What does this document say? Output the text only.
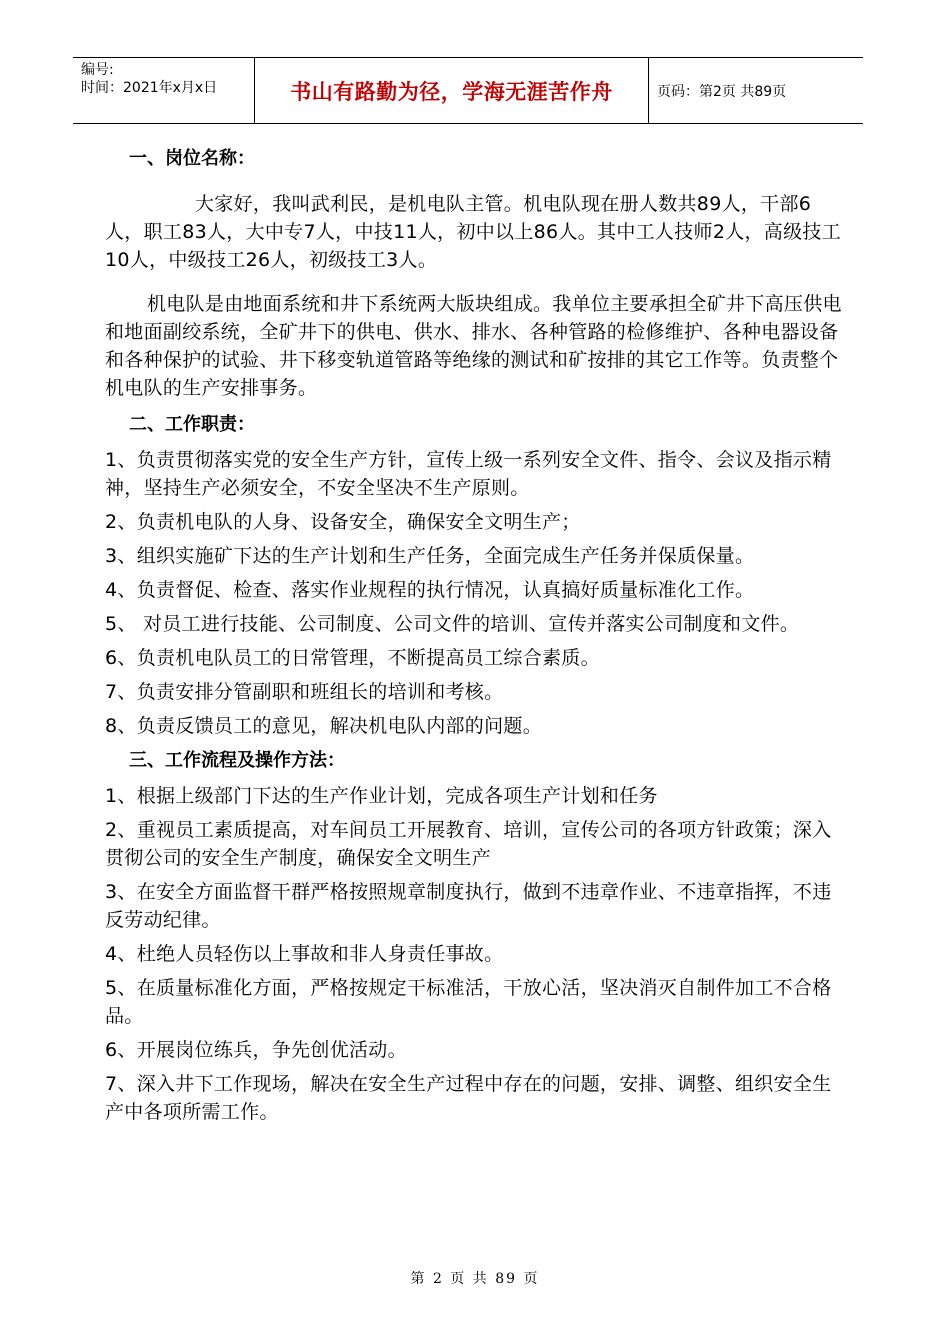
编号:
时间：2021年x月x日	书山有路勤为径，学海无涯苦作舟	页码：第2页 共89页
一、岗位名称：

大家好，我叫武利民，是机电队主管。机电队现在册人数共89人，干部6人，职工83人，大中专7人，中技11人，初中以上86人。其中工人技师2人，高级技工10人，中级技工26人，初级技工3人。

机电队是由地面系统和井下系统两大版块组成。我单位主要承担全矿井下高压供电和地面副绞系统，全矿井下的供电、供水、排水、各种管路的检修维护、各种电器设备和各种保护的试验、井下移变轨道管路等绝缘的测试和矿按排的其它工作等。负责整个机电队的生产安排事务。

二、工作职责：

1、负责贯彻落实党的安全生产方针，宣传上级一系列安全文件、指令、会议及指示精神，坚持生产必须安全，不安全坚决不生产原则。

2、负责机电队的人身、设备安全，确保安全文明生产；

3、组织实施矿下达的生产计划和生产任务，全面完成生产任务并保质保量。

4、负责督促、检查、落实作业规程的执行情况，认真搞好质量标准化工作。

5、 对员工进行技能、公司制度、公司文件的培训、宣传并落实公司制度和文件。

6、负责机电队员工的日常管理，不断提高员工综合素质。

7、负责安排分管副职和班组长的培训和考核。

8、负责反馈员工的意见，解决机电队内部的问题。

三、工作流程及操作方法：

1、根据上级部门下达的生产作业计划，完成各项生产计划和任务

2、重视员工素质提高，对车间员工开展教育、培训，宣传公司的各项方针政策；深入贯彻公司的安全生产制度，确保安全文明生产

3、在安全方面监督干群严格按照规章制度执行，做到不违章作业、不违章指挥，不违反劳动纪律。

4、杜绝人员轻伤以上事故和非人身责任事故。

5、在质量标准化方面，严格按规定干标准活，干放心活，坚决消灭自制件加工不合格品。

6、开展岗位练兵，争先创优活动。

7、深入井下工作现场，解决在安全生产过程中存在的问题，安排、调整、组织安全生产中各项所需工作。

第 2 页 共 89 页
